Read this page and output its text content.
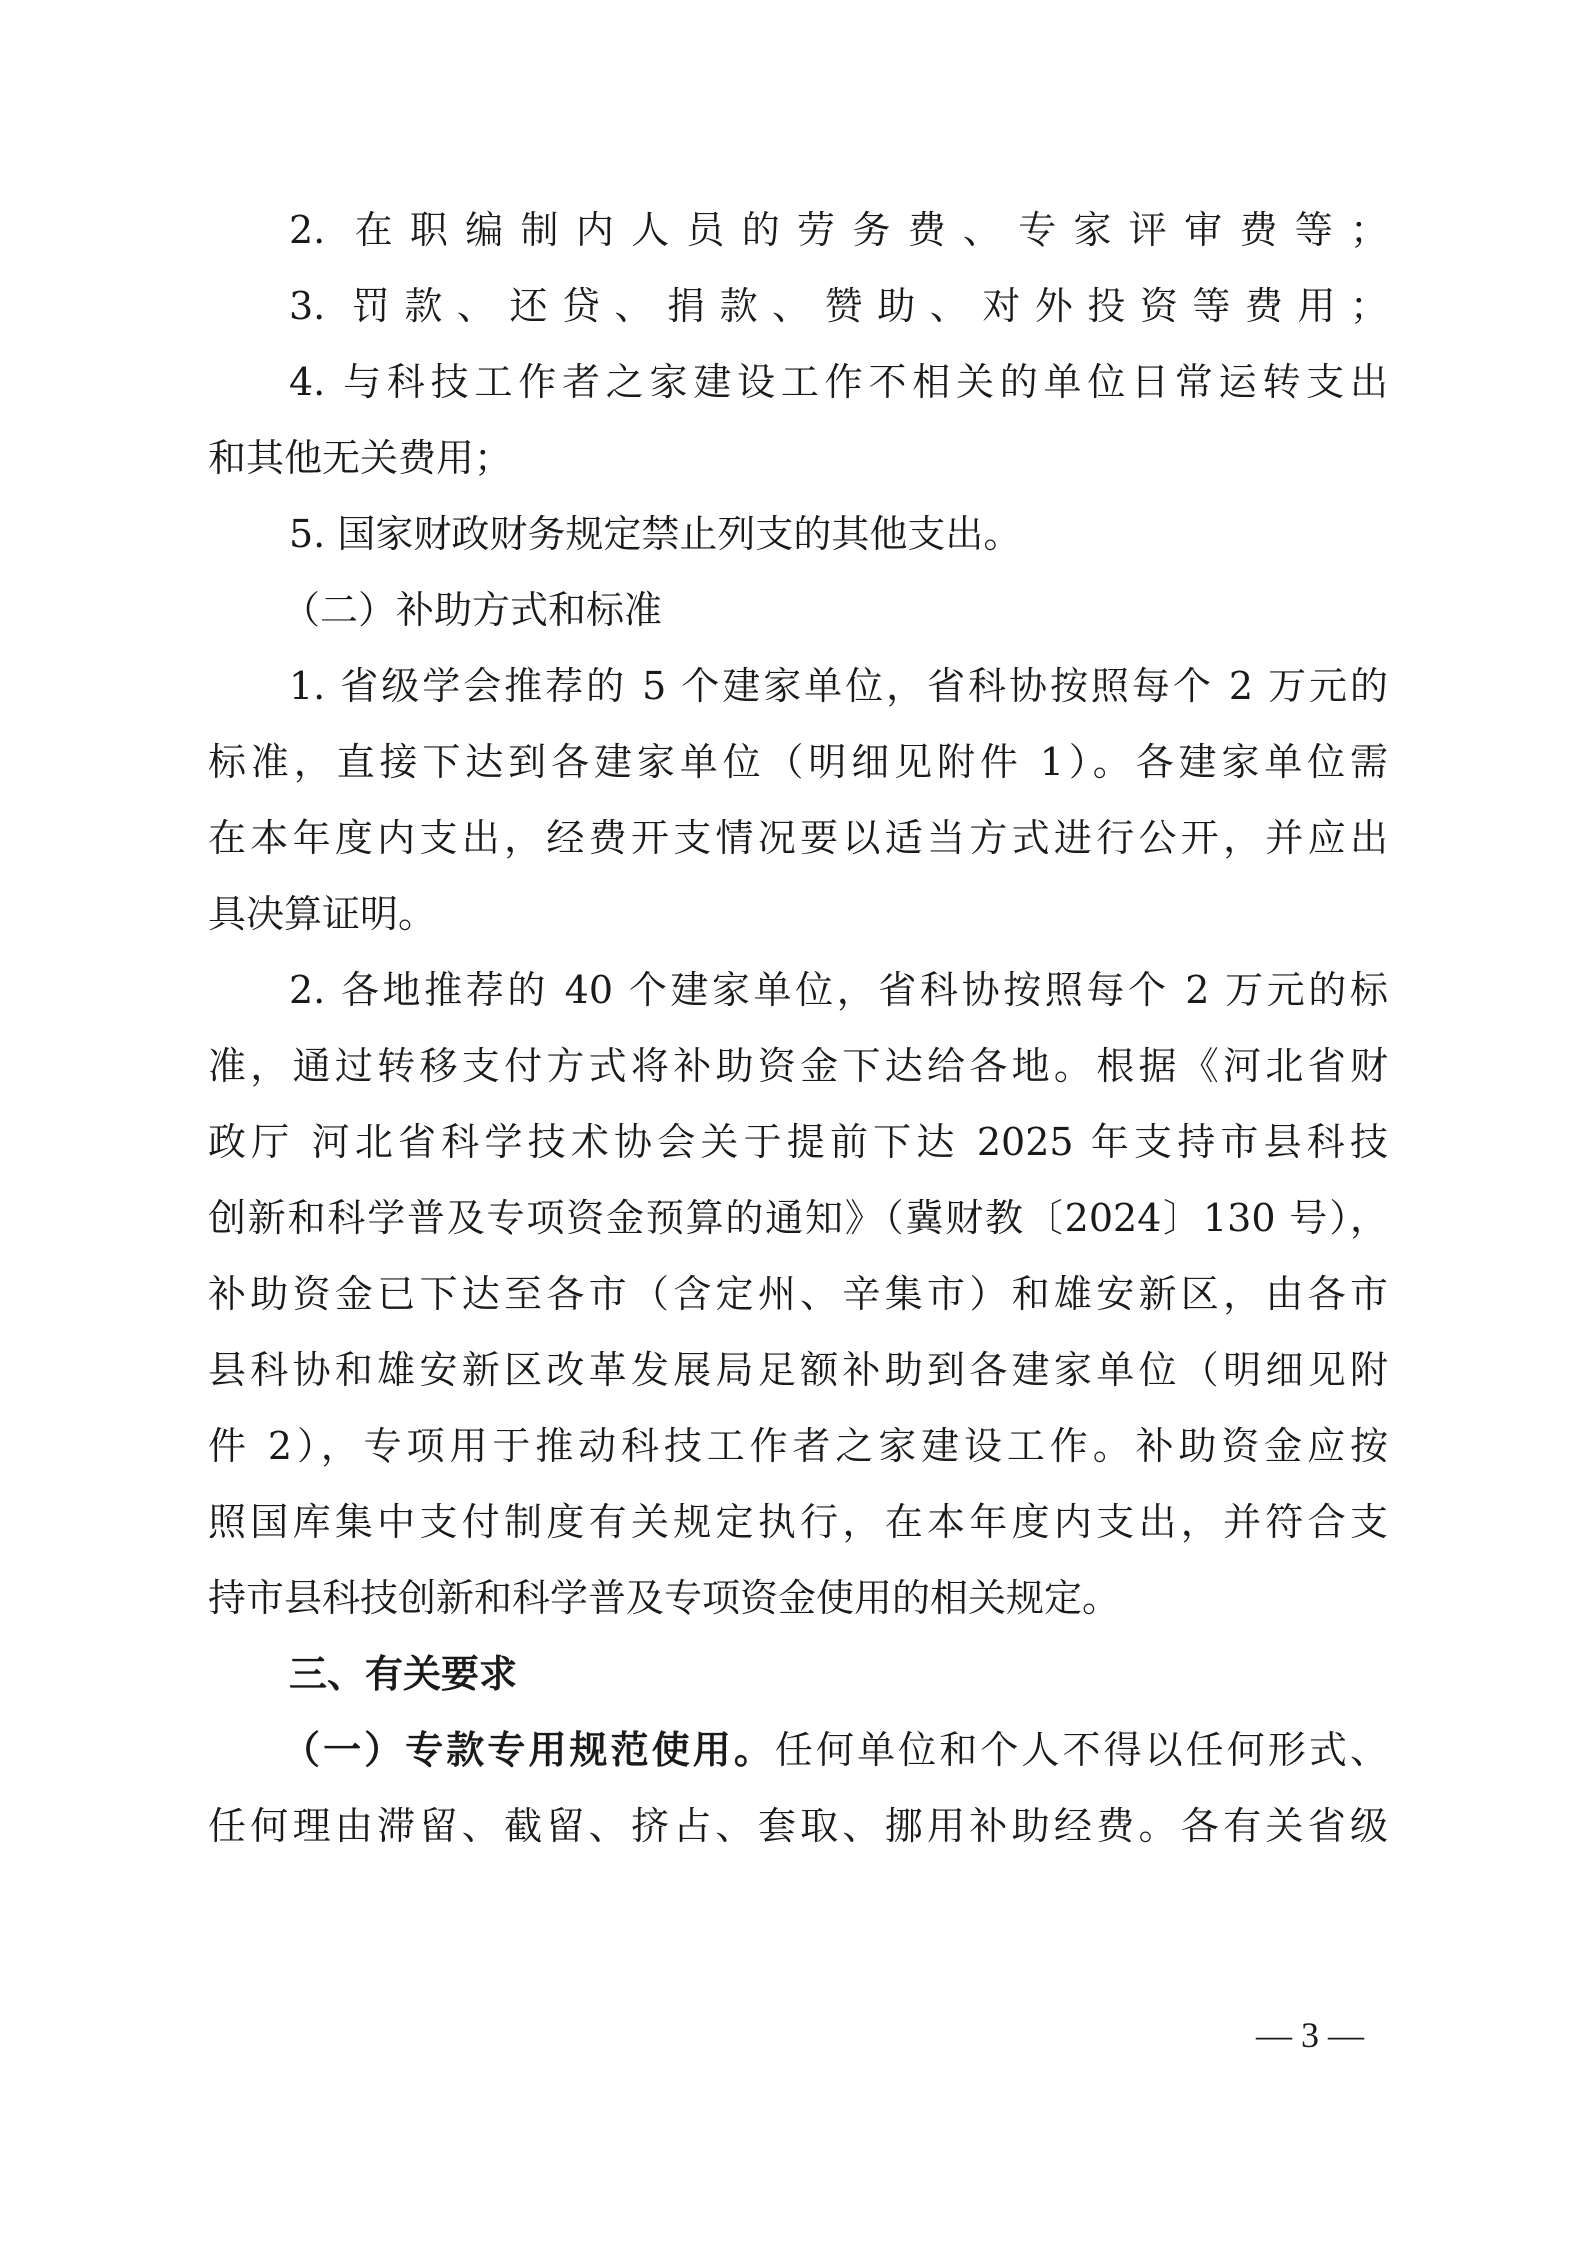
2. 在职编制内人员的劳务费、专家评审费等；
3. 罚款、还贷、捐款、赞助、对外投资等费用；
4. 与科技工作者之家建设工作不相关的单位日常运转支出
和其他无关费用；
5. 国家财政财务规定禁止列支的其他支出。
（二）补助方式和标准
1. 省级学会推荐的 5 个建家单位，省科协按照每个 2 万元的
标准，直接下达到各建家单位（明细见附件 1）。各建家单位需
在本年度内支出，经费开支情况要以适当方式进行公开，并应出
具决算证明。
2. 各地推荐的 40 个建家单位，省科协按照每个 2 万元的标
准，通过转移支付方式将补助资金下达给各地。根据《河北省财
政厅 河北省科学技术协会关于提前下达 2025 年支持市县科技
创新和科学普及专项资金预算的通知》（冀财教〔2024〕130 号），
补助资金已下达至各市（含定州、辛集市）和雄安新区，由各市
县科协和雄安新区改革发展局足额补助到各建家单位（明细见附
件 2），专项用于推动科技工作者之家建设工作。补助资金应按
照国库集中支付制度有关规定执行，在本年度内支出，并符合支
持市县科技创新和科学普及专项资金使用的相关规定。
三、有关要求
（一）专款专用规范使用。任何单位和个人不得以任何形式、
任何理由滞留、截留、挤占、套取、挪用补助经费。各有关省级
— 3 —
